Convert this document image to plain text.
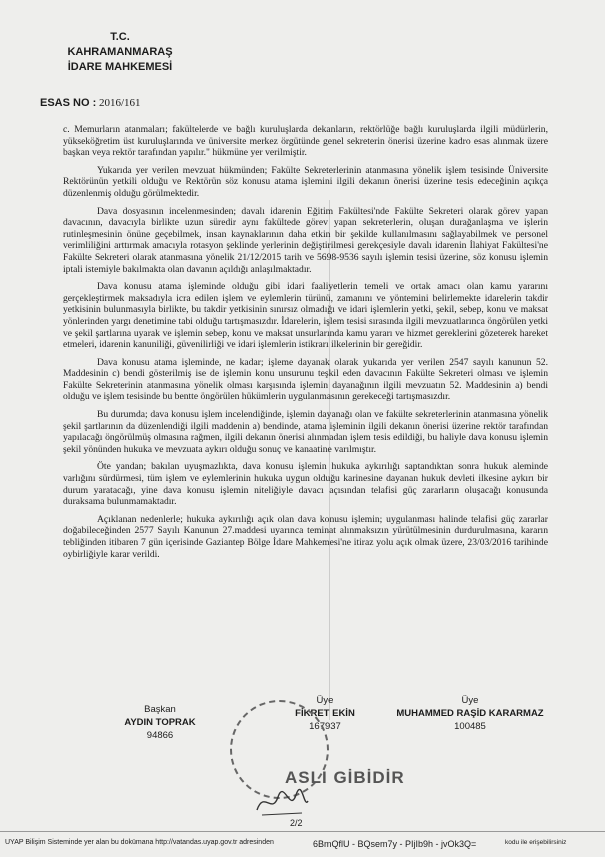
T.C.
KAHRAMANMARAŞ
İDARE MAHKEMESİ
ESAS NO : 2016/161

c. Memurların atanmaları; fakültelerde ve bağlı kuruluşlarda dekanların, rektörlüğe bağlı kuruluşlarda ilgili müdürlerin, yükseköğretim üst kuruluşlarında ve üniversite merkez örgütünde genel sekreterin önerisi üzerine kadro esas alınmak üzere başkan veya rektör tarafından yapılır." hükmüne yer verilmiştir.

Yukarıda yer verilen mevzuat hükmünden; Fakülte Sekreterlerinin atanmasına yönelik işlem tesisinde Üniversite Rektörünün yetkili olduğu ve Rektörün söz konusu atama işlemini ilgili dekanın önerisi üzerine tesis edeceğinin açıkça düzenlenmiş olduğu görülmektedir.

Dava dosyasının incelenmesinden; davalı idarenin Eğitim Fakültesi'nde Fakülte Sekreteri olarak görev yapan davacının, davacıyla birlikte uzun süredir aynı fakültede görev yapan sekreterlerin, oluşan durağanlaşma ve işlerin rutinleşmesinin önüne geçebilmek, insan kaynaklarının daha etkin bir şekilde kullanılmasını sağlayabilmek ve personel verimliliğini arttırmak amacıyla rotasyon şeklinde yerlerinin değiştirilmesi gerekçesiyle davalı idarenin İlahiyat Fakültesi'ne Fakülte Sekreteri olarak atanmasına yönelik 21/12/2015 tarih ve 5698-9536 sayılı işlemin tesisi üzerine, söz konusu işlemin iptali istemiyle bakılmakta olan davanın açıldığı anlaşılmaktadır.

Dava konusu atama işleminde olduğu gibi idari faaliyetlerin temeli ve ortak amacı olan kamu yararını gerçekleştirmek maksadıyla icra edilen işlem ve eylemlerin türünü, zamanını ve yöntemini belirlemekte idarelerin takdir yetkisinin bulunmasıyla birlikte, bu takdir yetkisinin sınırsız olmadığı ve idari işlemlerin yetki, şekil, sebep, konu ve maksat yönlerinden yargı denetimine tabi olduğu tartışmasızdır. İdarelerin, işlem tesisi sırasında ilgili mevzuatlarınca öngörülen yetki ve şekil şartlarına uyarak ve işlemin sebep, konu ve maksat unsurlarında kamu yararı ve hizmet gereklerini gözeterek hareket etmeleri, idarenin kanuniliği, güvenilirliği ve idari işlemlerin istikrarı ilkelerinin bir gereğidir.

Dava konusu atama işleminde, ne kadar; işleme dayanak olarak yukarıda yer verilen 2547 sayılı kanunun 52. Maddesinin c) bendi gösterilmiş ise de işlemin konu unsurunu teşkil eden davacının Fakülte Sekreteri olması ve işlemin Fakülte Sekreterinin atanmasına yönelik olması karşısında işlemin dayanağının ilgili mevzuatın 52. Maddesinin a) bendi olduğu ve işlem tesisinde bu bentte öngörülen hükümlerin uygulanmasının gerekeceği tartışmasızdır.

Bu durumda; dava konusu işlem incelendiğinde, işlemin dayanağı olan ve fakülte sekreterlerinin atanmasına yönelik şekil şartlarının da düzenlendiği ilgili maddenin a) bendinde, atama işleminin ilgili dekanın önerisi üzerine rektör tarafından yapılacağı öngörülmüş olmasına rağmen, ilgili dekanın önerisi alınmadan işlem tesis edildiği, bu haliyle dava konusu işlemin şekil yönünden hukuka ve mevzuata aykırı olduğu sonuç ve kanaatine varılmıştır.

Öte yandan; bakılan uyuşmazlıkta, dava konusu işlemin hukuka aykırılığı saptandıktan sonra hukuk aleminde varlığını sürdürmesi, tüm işlem ve eylemlerinin hukuka uygun olduğu karinesine dayanan hukuk devleti ilkesine aykırı bir durum yaratacağı, yine dava konusu işlemin niteliğiyle davacı açısından telafisi güç zararların oluşacağı konusunda duraksama bulunmamaktadır.

Açıklanan nedenlerle; hukuka aykırılığı açık olan dava konusu işlemin; uygulanması halinde telafisi güç zararlar doğabileceğinden 2577 Sayılı Kanunun 27.maddesi uyarınca teminat alınmaksızın yürütülmesinin durdurulmasına, kararın tebliğinden itibaren 7 gün içerisinde Gaziantep Bölge İdare Mahkemesi'ne itiraz yolu açık olmak üzere, 23/03/2016 tarihinde oybirliğiyle karar verildi.

Başkan
AYDIN TOPRAK
94866
Üye
FİKRET EKİN
167937
Üye
MUHAMMED RAŞİD KARARMAZ
100485
ASLI GİBİDİR
2/2
UYAP Bilişim Sisteminde yer alan bu dokümana http://vatandas.uyap.gov.tr adresinden	6BmQflU - BQsem7y - PIjIb9h - jvOk3Q=	kodu ile erişebilirsiniz
